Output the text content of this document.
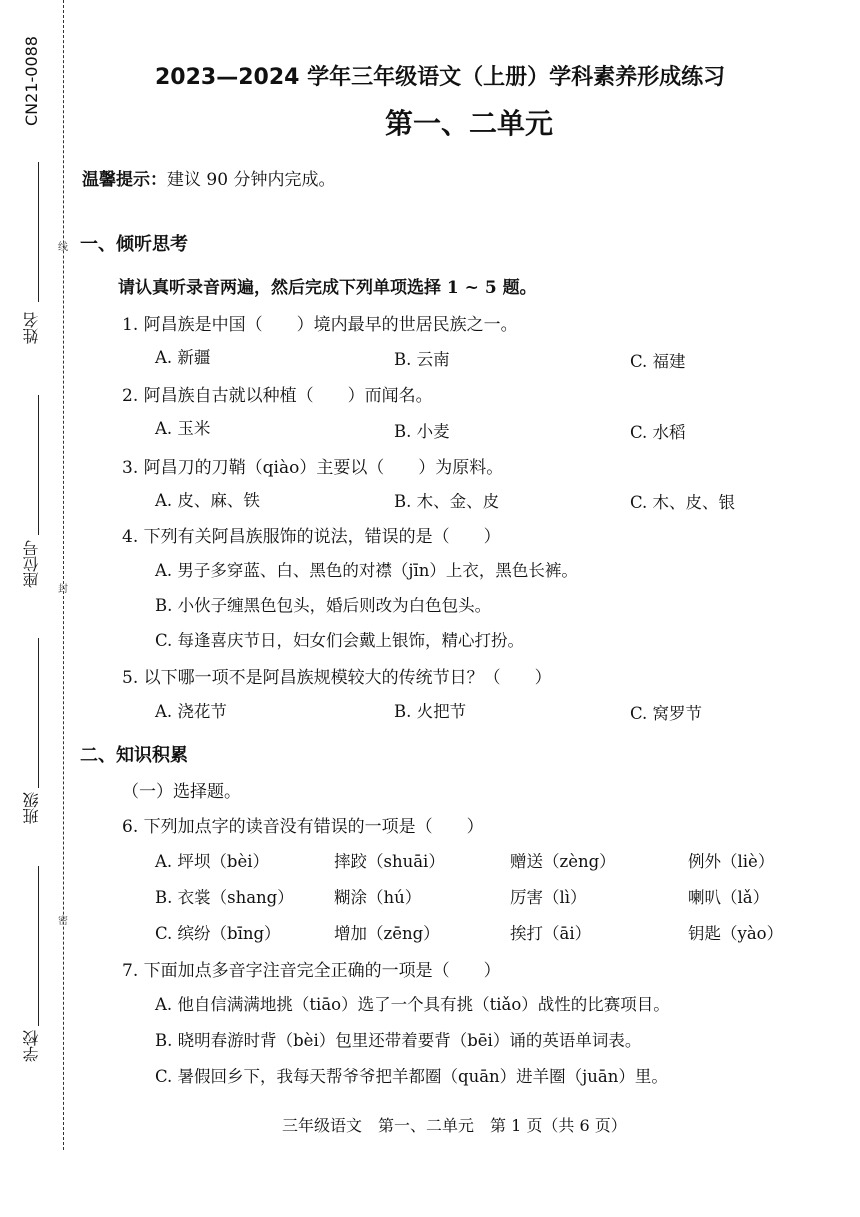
CN21-0088
线
封
密
姓名
座位号
班级
学校
2023—2024 学年三年级语文（上册）学科素养形成练习
第一、二单元
温馨提示：建议 90 分钟内完成。
一、倾听思考
请认真听录音两遍，然后完成下列单项选择 1 ~ 5 题。
1. 阿昌族是中国（　　）境内最早的世居民族之一。
A. 新疆	B. 云南	C. 福建
2. 阿昌族自古就以种植（　　）而闻名。
A. 玉米	B. 小麦	C. 水稻
3. 阿昌刀的刀鞘（qiào）主要以（　　）为原料。
A. 皮、麻、铁	B. 木、金、皮	C. 木、皮、银
4. 下列有关阿昌族服饰的说法，错误的是（　　）
A. 男子多穿蓝、白、黑色的对襟（jīn）上衣，黑色长裤。
B. 小伙子缠黑色包头，婚后则改为白色包头。
C. 每逢喜庆节日，妇女们会戴上银饰，精心打扮。
5. 以下哪一项不是阿昌族规模较大的传统节日？（　　）
A. 浇花节	B. 火把节	C. 窝罗节
二、知识积累
（一）选择题。
6. 下列加点字的读音没有错误的一项是（　　）
A. 坪坝（bèi）	摔跤（shuāi）	赠送（zèng）	例外（liè）
B. 衣裳（shang） 糊涂（hú）	厉害（lì）	喇叭（lǎ）
C. 缤纷（bīng）	增加（zēng）	挨打（āi）	钥匙（yào）
7. 下面加点多音字注音完全正确的一项是（　　）
A. 他自信满满地挑（tiāo）选了一个具有挑（tiǎo）战性的比赛项目。
B. 晓明春游时背（bèi）包里还带着要背（bēi）诵的英语单词表。
C. 暑假回乡下，我每天帮爷爷把羊都圈（quān）进羊圈（juān）里。
三年级语文　第一、二单元　第 1 页（共 6 页）
